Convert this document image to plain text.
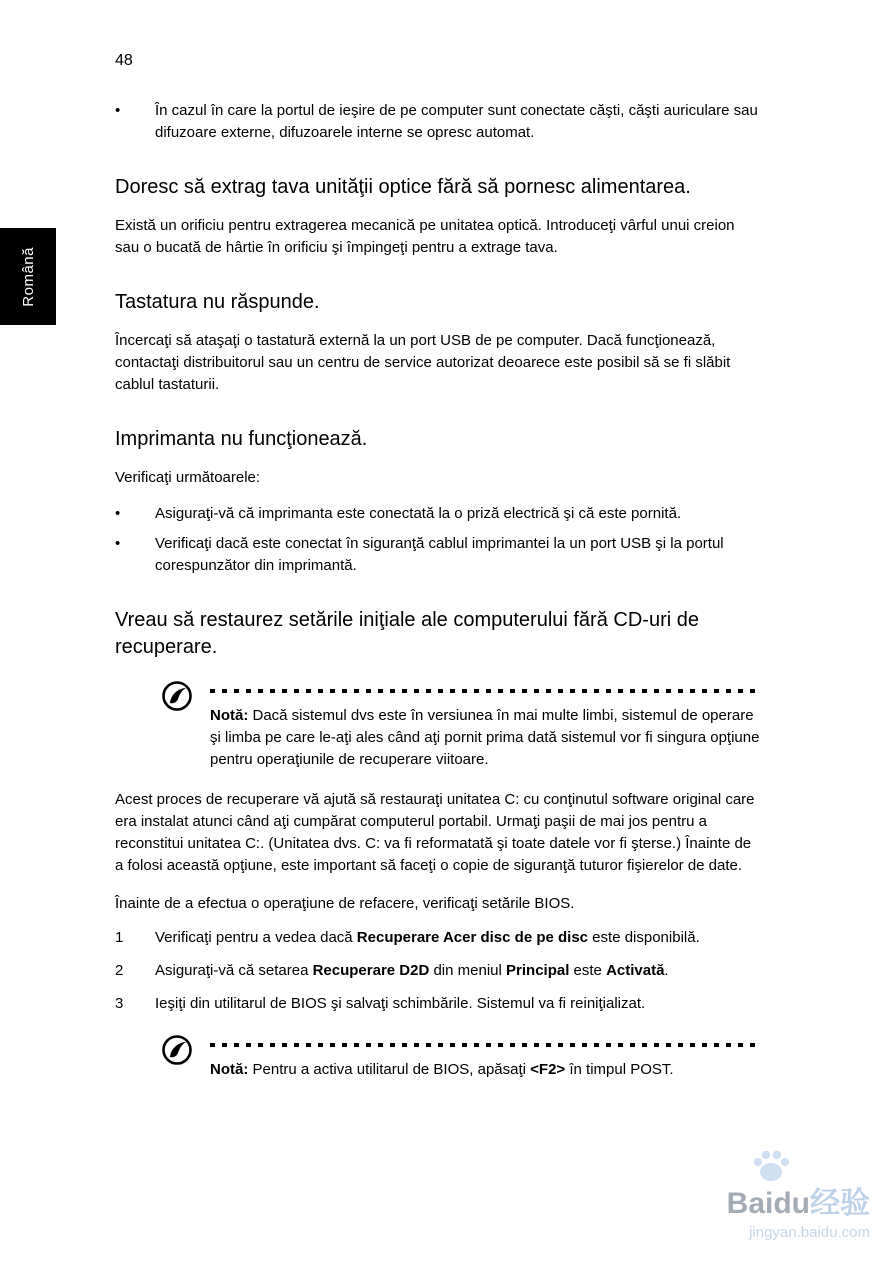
48
Română
•	În cazul în care la portul de ieşire de pe computer sunt conectate căşti, căşti auriculare sau difuzoare externe, difuzoarele interne se opresc automat.
Doresc să extrag tava unităţii optice fără să pornesc alimentarea.

Există un orificiu pentru extragerea mecanică pe unitatea optică. Introduceţi vârful unui creion sau o bucată de hârtie în orificiu şi împingeţi pentru a extrage tava.

Tastatura nu răspunde.

Încercaţi să ataşaţi o tastatură externă la un port USB de pe computer. Dacă funcţionează, contactaţi distribuitorul sau un centru de service autorizat deoarece este posibil să se fi slăbit cablul tastaturii.

Imprimanta nu funcţionează.

Verificaţi următoarele:

•	Asiguraţi-vă că imprimanta este conectată la o priză electrică şi că este pornită.
•	Verificaţi dacă este conectat în siguranţă cablul imprimantei la un port USB şi la portul corespunzător din imprimantă.
Vreau să restaurez setările iniţiale ale computerului fără CD-uri de recuperare.
Notă: Dacă sistemul dvs este în versiunea în mai multe limbi, sistemul de operare şi limba pe care le-aţi ales când aţi pornit prima dată sistemul vor fi singura opţiune pentru operaţiunile de recuperare viitoare.

Acest proces de recuperare vă ajută să restauraţi unitatea C: cu conţinutul software original care era instalat atunci când aţi cumpărat computerul portabil. Urmaţi paşii de mai jos pentru a reconstitui unitatea C:. (Unitatea dvs. C: va fi reformatată şi toate datele vor fi şterse.) Înainte de a folosi această opţiune, este important să faceţi o copie de siguranţă tuturor fişierelor de date.

Înainte de a efectua o operaţiune de refacere, verificaţi setările BIOS.

1	Verificaţi pentru a vedea dacă Recuperare Acer disc de pe disc este disponibilă.
2	Asiguraţi-vă că setarea Recuperare D2D din meniul Principal este Activată.
3	Ieşiţi din utilitarul de BIOS şi salvaţi schimbările. Sistemul va fi reiniţializat.
Notă: Pentru a activa utilitarul de BIOS, apăsaţi <F2> în timpul POST.
Baidu经验
jingyan.baidu.com
